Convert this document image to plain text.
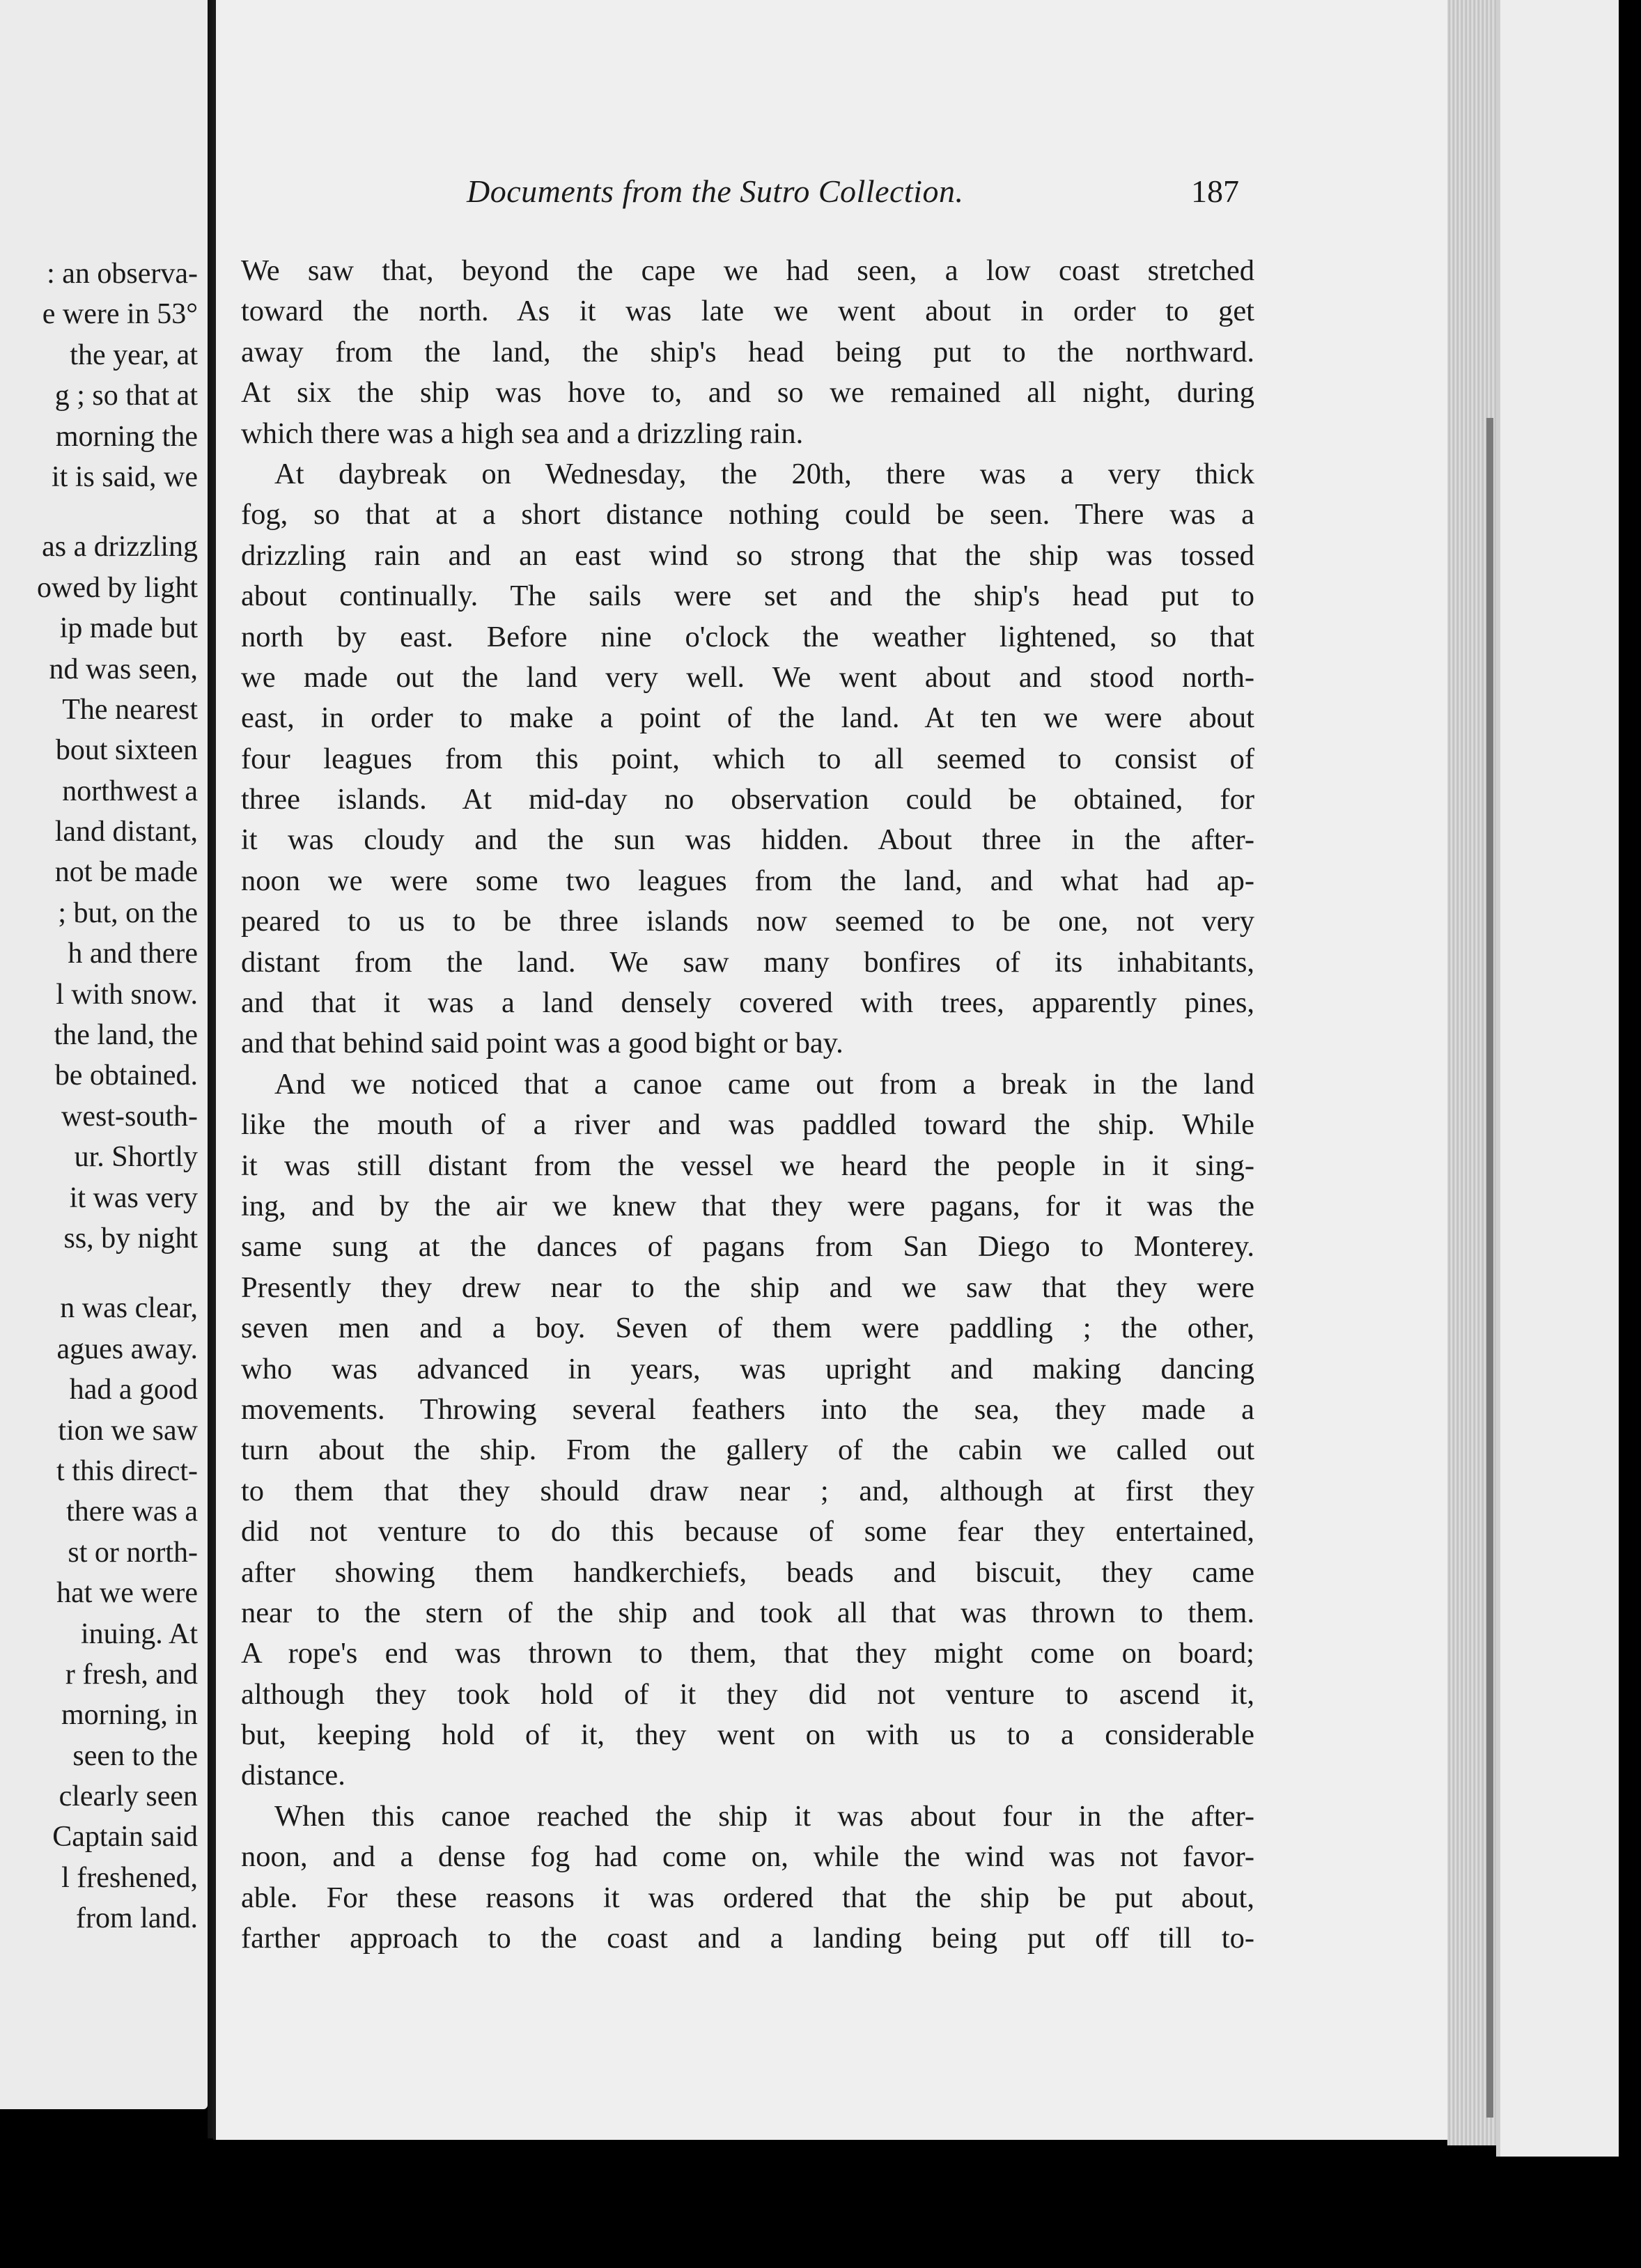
: an observa-
e were in 53°
the year, at
g ; so that at
morning the
it is said, we
as a drizzling
owed by light
ip made but
nd was seen,
The nearest
bout sixteen
northwest a
land distant,
not be made
; but, on the
h and there
l with snow.
the land, the
be obtained.
west-south-
ur. Shortly
it was very
ss, by night
n was clear,
agues away.
had a good
tion we saw
t this direct-
there was a
st or north-
hat we were
inuing. At
r fresh, and
morning, in
seen to the
clearly seen
Captain said
l freshened,
from land.
Documents from the Sutro Collection.	187
We saw that, beyond the cape we had seen, a low coast stretched
toward the north. As it was late we went about in order to get
away from the land, the ship's head being put to the northward.
At six the ship was hove to, and so we remained all night, during
which there was a high sea and a drizzling rain.
At daybreak on Wednesday, the 20th, there was a very thick
fog, so that at a short distance nothing could be seen. There was a
drizzling rain and an east wind so strong that the ship was tossed
about continually. The sails were set and the ship's head put to
north by east. Before nine o'clock the weather lightened, so that
we made out the land very well. We went about and stood north-
east, in order to make a point of the land. At ten we were about
four leagues from this point, which to all seemed to consist of
three islands. At mid-day no observation could be obtained, for
it was cloudy and the sun was hidden. About three in the after-
noon we were some two leagues from the land, and what had ap-
peared to us to be three islands now seemed to be one, not very
distant from the land. We saw many bonfires of its inhabitants,
and that it was a land densely covered with trees, apparently pines,
and that behind said point was a good bight or bay.
And we noticed that a canoe came out from a break in the land
like the mouth of a river and was paddled toward the ship. While
it was still distant from the vessel we heard the people in it sing-
ing, and by the air we knew that they were pagans, for it was the
same sung at the dances of pagans from San Diego to Monterey.
Presently they drew near to the ship and we saw that they were
seven men and a boy. Seven of them were paddling ; the other,
who was advanced in years, was upright and making dancing
movements. Throwing several feathers into the sea, they made a
turn about the ship. From the gallery of the cabin we called out
to them that they should draw near ; and, although at first they
did not venture to do this because of some fear they entertained,
after showing them handkerchiefs, beads and biscuit, they came
near to the stern of the ship and took all that was thrown to them.
A rope's end was thrown to them, that they might come on board;
although they took hold of it they did not venture to ascend it,
but, keeping hold of it, they went on with us to a considerable
distance.
When this canoe reached the ship it was about four in the after-
noon, and a dense fog had come on, while the wind was not favor-
able. For these reasons it was ordered that the ship be put about,
farther approach to the coast and a landing being put off till to-
